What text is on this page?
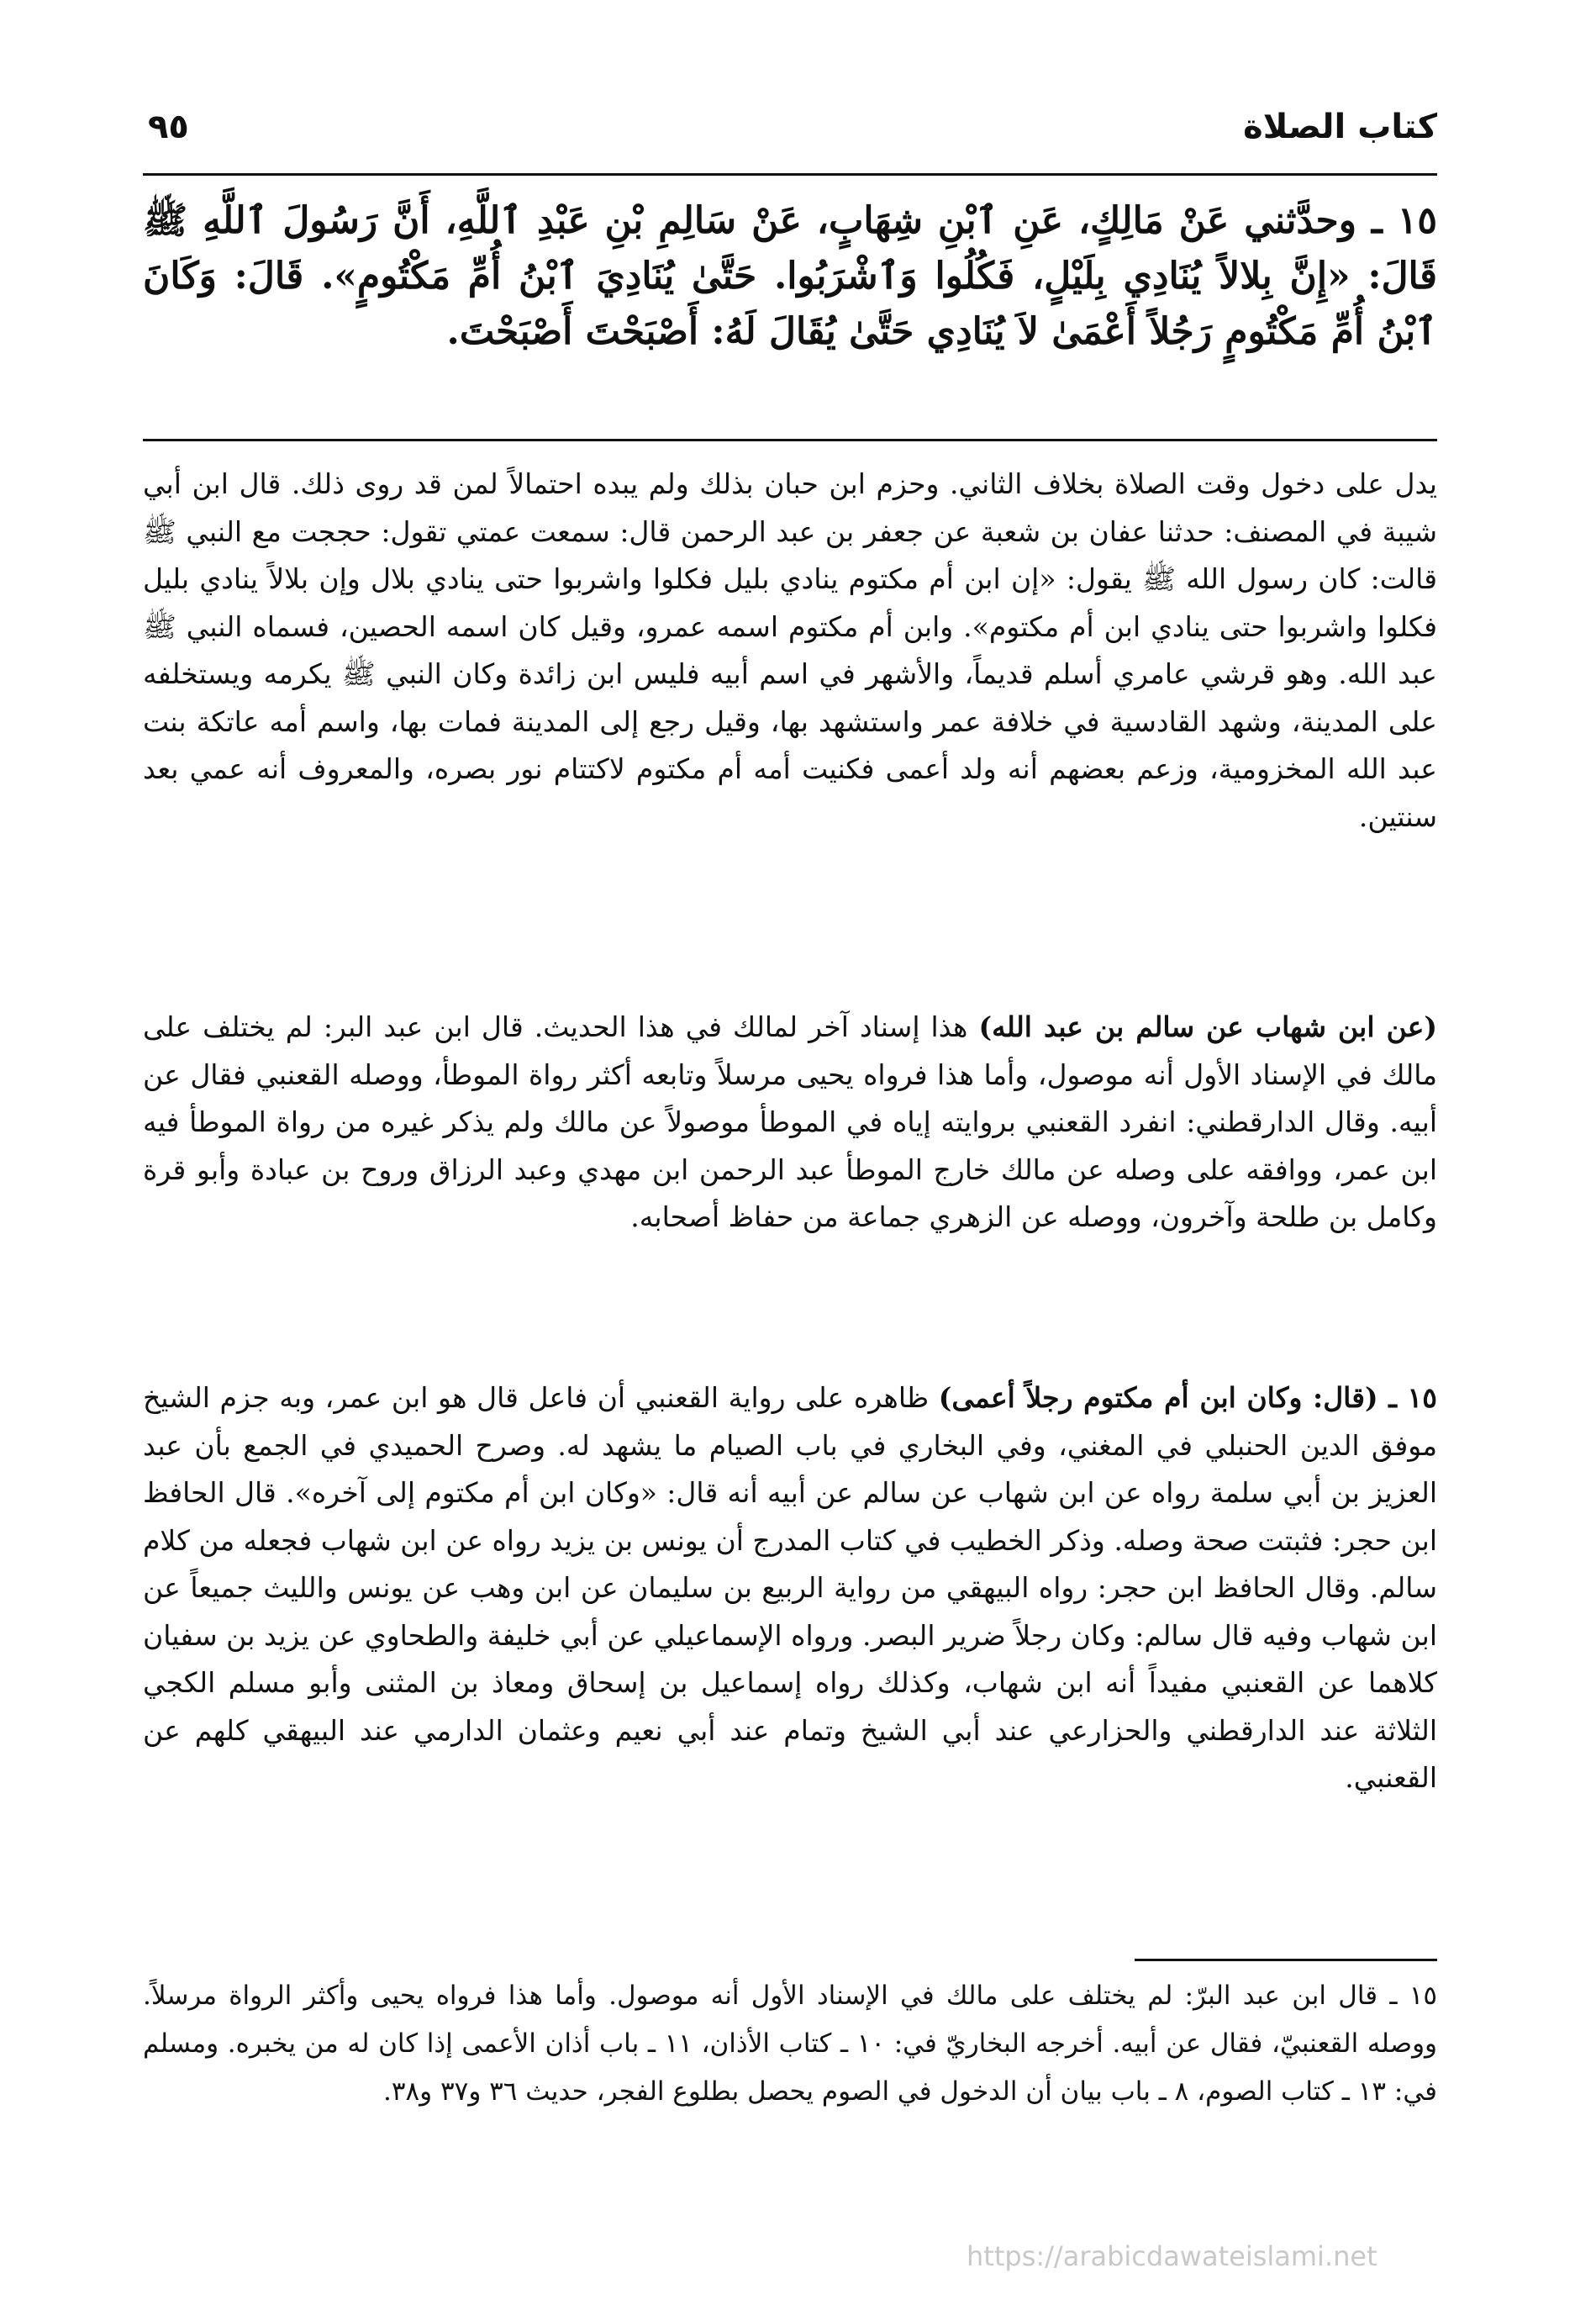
كتاب الصلاة
٩٥
١٥ ـ وحدَّثني عَنْ مَالِكٍ، عَنِ ٱبْنِ شِهَابٍ، عَنْ سَالِمِ بْنِ عَبْدِ ٱللَّهِ، أَنَّ رَسُولَ ٱللَّهِ ﷺ قَالَ: «إِنَّ بِلالاً يُنَادِي بِلَيْلٍ، فَكُلُوا وَٱشْرَبُوا. حَتَّىٰ يُنَادِيَ ٱبْنُ أُمِّ مَكْتُومٍ». قَالَ: وَكَانَ ٱبْنُ أُمِّ مَكْتُومٍ رَجُلاً أَعْمَىٰ لاَ يُنَادِي حَتَّىٰ يُقَالَ لَهُ: أَصْبَحْتَ أَصْبَحْتَ.
يدل على دخول وقت الصلاة بخلاف الثاني. وحزم ابن حبان بذلك ولم يبده احتمالاً لمن قد روى ذلك. قال ابن أبي شيبة في المصنف: حدثنا عفان بن شعبة عن جعفر بن عبد الرحمن قال: سمعت عمتي تقول: حججت مع النبي ﷺ قالت: كان رسول الله ﷺ يقول: «إن ابن أم مكتوم ينادي بليل فكلوا واشربوا حتى ينادي بلال وإن بلالاً ينادي بليل فكلوا واشربوا حتى ينادي ابن أم مكتوم». وابن أم مكتوم اسمه عمرو، وقيل كان اسمه الحصين، فسماه النبي ﷺ عبد الله. وهو قرشي عامري أسلم قديماً، والأشهر في اسم أبيه فليس ابن زائدة وكان النبي ﷺ يكرمه ويستخلفه على المدينة، وشهد القادسية في خلافة عمر واستشهد بها، وقيل رجع إلى المدينة فمات بها، واسم أمه عاتكة بنت عبد الله المخزومية، وزعم بعضهم أنه ولد أعمى فكنيت أمه أم مكتوم لاكتتام نور بصره، والمعروف أنه عمي بعد سنتين.
(عن ابن شهاب عن سالم بن عبد الله) هذا إسناد آخر لمالك في هذا الحديث. قال ابن عبد البر: لم يختلف على مالك في الإسناد الأول أنه موصول، وأما هذا فرواه يحيى مرسلاً وتابعه أكثر رواة الموطأ، ووصله القعنبي فقال عن أبيه. وقال الدارقطني: انفرد القعنبي بروايته إياه في الموطأ موصولاً عن مالك ولم يذكر غيره من رواة الموطأ فيه ابن عمر، ووافقه على وصله عن مالك خارج الموطأ عبد الرحمن ابن مهدي وعبد الرزاق وروح بن عبادة وأبو قرة وكامل بن طلحة وآخرون، ووصله عن الزهري جماعة من حفاظ أصحابه.
١٥ ـ (قال: وكان ابن أم مكتوم رجلاً أعمى) ظاهره على رواية القعنبي أن فاعل قال هو ابن عمر، وبه جزم الشيخ موفق الدين الحنبلي في المغني، وفي البخاري في باب الصيام ما يشهد له. وصرح الحميدي في الجمع بأن عبد العزيز بن أبي سلمة رواه عن ابن شهاب عن سالم عن أبيه أنه قال: «وكان ابن أم مكتوم إلى آخره». قال الحافظ ابن حجر: فثبتت صحة وصله. وذكر الخطيب في كتاب المدرج أن يونس بن يزيد رواه عن ابن شهاب فجعله من كلام سالم. وقال الحافظ ابن حجر: رواه البيهقي من رواية الربيع بن سليمان عن ابن وهب عن يونس والليث جميعاً عن ابن شهاب وفيه قال سالم: وكان رجلاً ضرير البصر. ورواه الإسماعيلي عن أبي خليفة والطحاوي عن يزيد بن سفيان كلاهما عن القعنبي مفيداً أنه ابن شهاب، وكذلك رواه إسماعيل بن إسحاق ومعاذ بن المثنى وأبو مسلم الكجي الثلاثة عند الدارقطني والحزارعي عند أبي الشيخ وتمام عند أبي نعيم وعثمان الدارمي عند البيهقي كلهم عن القعنبي.
١٥ ـ قال ابن عبد البرّ: لم يختلف على مالك في الإسناد الأول أنه موصول. وأما هذا فرواه يحيى وأكثر الرواة مرسلاً. ووصله القعنبيّ، فقال عن أبيه. أخرجه البخاريّ في: ١٠ ـ كتاب الأذان، ١١ ـ باب أذان الأعمى إذا كان له من يخبره. ومسلم في: ١٣ ـ كتاب الصوم، ٨ ـ باب بيان أن الدخول في الصوم يحصل بطلوع الفجر، حديث ٣٦ و٣٧ و٣٨.
https://arabicdawateislami.net
